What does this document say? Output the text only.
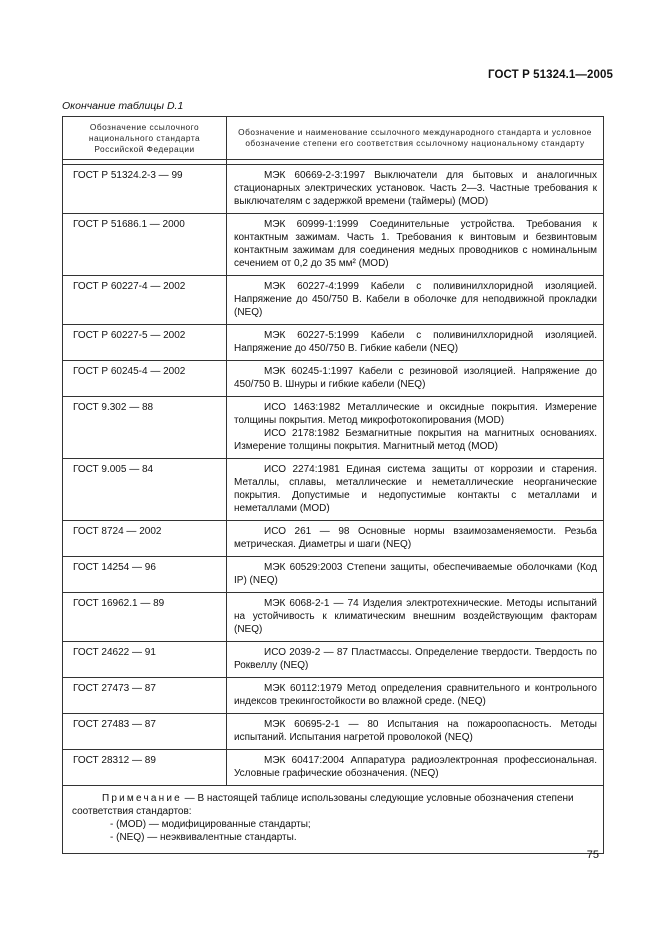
ГОСТ Р 51324.1—2005
Окончание таблицы D.1
Обозначение ссылочного национального стандарта Российской Федерации	Обозначение и наименование ссылочного международного стандарта и условное обозначение степени его соответствия ссылочному национальному стандарту

ГОСТ Р 51324.2-3 — 99	МЭК 60669-2-3:1997 Выключатели для бытовых и аналогичных стационарных электрических установок. Часть 2—3. Частные требования к выключателям с задержкой времени (таймеры) (MOD)

ГОСТ Р 51686.1 — 2000	МЭК 60999-1:1999 Соединительные устройства. Требования к контактным зажимам. Часть 1. Требования к винтовым и безвинтовым контактным зажимам для соединения медных проводников с номинальным сечением от 0,2 до 35 мм² (MOD)

ГОСТ Р 60227-4 — 2002	МЭК 60227-4:1999 Кабели с поливинилхлоридной изоляцией. Напряжение до 450/750 В. Кабели в оболочке для неподвижной прокладки (NEQ)

ГОСТ Р 60227-5 — 2002	МЭК 60227-5:1999 Кабели с поливинилхлоридной изоляцией. Напряжение до 450/750 В. Гибкие кабели (NEQ)

ГОСТ Р 60245-4 — 2002	МЭК 60245-1:1997 Кабели с резиновой изоляцией. Напряжение до 450/750 В. Шнуры и гибкие кабели (NEQ)

ГОСТ 9.302 — 88	ИСО 1463:1982 Металлические и оксидные покрытия. Измерение толщины покрытия. Метод микрофотокопирования (MOD)
ИСО 2178:1982 Безмагнитные покрытия на магнитных основаниях. Измерение толщины покрытия. Магнитный метод (MOD)

ГОСТ 9.005 — 84	ИСО 2274:1981 Единая система защиты от коррозии и старения. Металлы, сплавы, металлические и неметаллические неорганические покрытия. Допустимые и недопустимые контакты с металлами и неметаллами (MOD)

ГОСТ 8724 — 2002	ИСО 261 — 98 Основные нормы взаимозаменяемости. Резьба метрическая. Диаметры и шаги (NEQ)

ГОСТ 14254 — 96	МЭК 60529:2003 Степени защиты, обеспечиваемые оболочками (Код IP) (NEQ)

ГОСТ 16962.1 — 89	МЭК 6068-2-1 — 74 Изделия электротехнические. Методы испытаний на устойчивость к климатическим внешним воздействующим факторам (NEQ)

ГОСТ 24622 — 91	ИСО 2039-2 — 87 Пластмассы. Определение твердости. Твердость по Роквеллу (NEQ)

ГОСТ 27473 — 87	МЭК 60112:1979 Метод определения сравнительного и контрольного индексов трекингостойкости во влажной среде. (NEQ)

ГОСТ 27483 — 87	МЭК 60695-2-1 — 80 Испытания на пожароопасность. Методы испытаний. Испытания нагретой проволокой (NEQ)

ГОСТ 28312 — 89	МЭК 60417:2004 Аппаратура радиоэлектронная профессиональная. Условные графические обозначения. (NEQ)

Примечание — В настоящей таблице использованы следующие условные обозначения степени соответствия стандартов:
- (MOD) — модифицированные стандарты;
- (NEQ) — неэквивалентные стандарты.	
75
